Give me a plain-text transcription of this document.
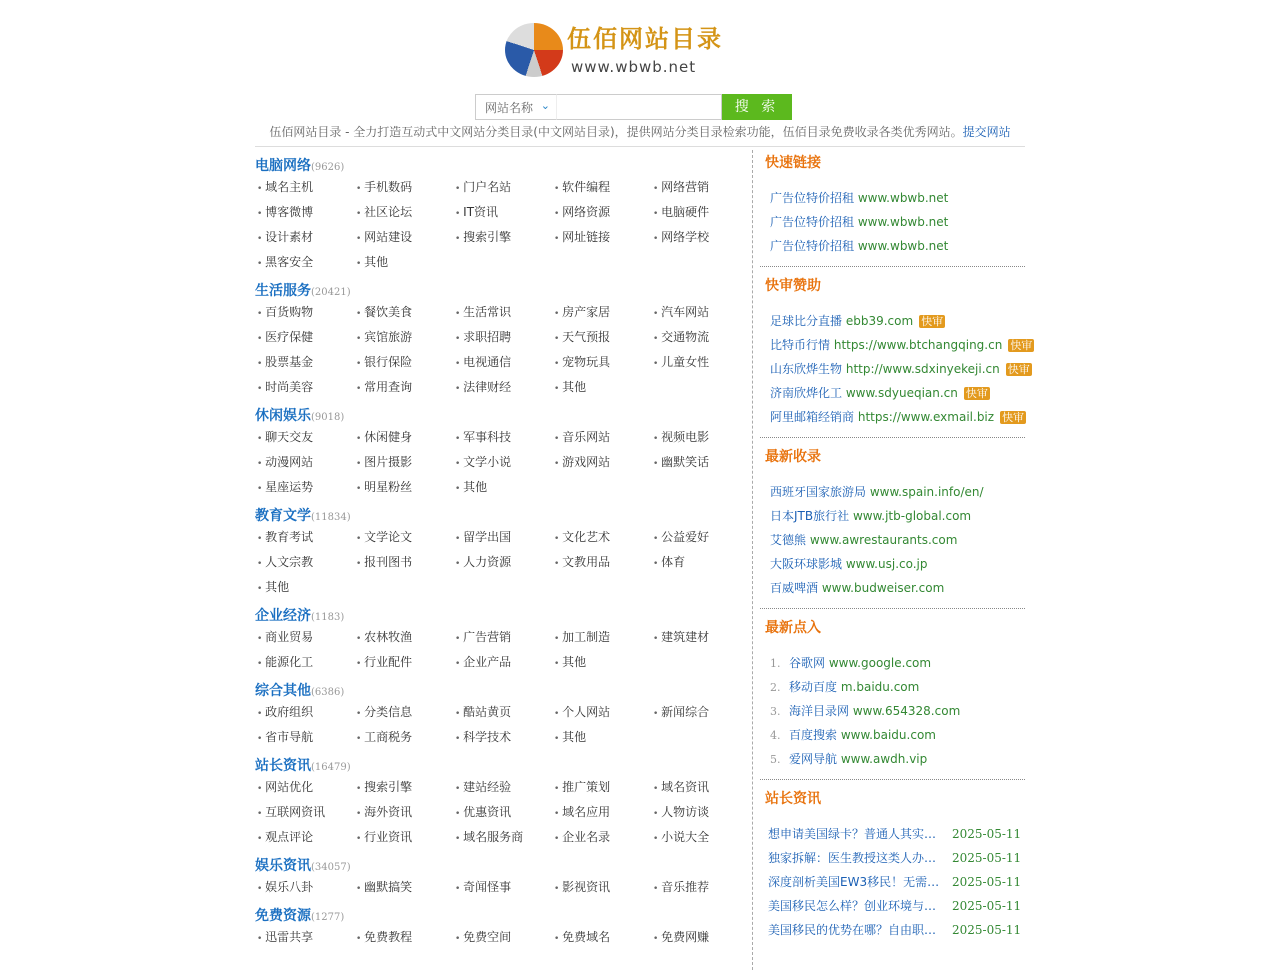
伍佰网站目录
www.wbwb.net
网站名称 ⌄	搜 索
伍佰网站目录 - 全力打造互动式中文网站分类目录(中文网站目录)，提供网站分类目录检索功能，伍佰目录免费收录各类优秀网站。提交网站
电脑网络(9626)
• 域名主机	• 手机数码	• 门户名站	• 软件编程	• 网络营销
• 博客微博	• 社区论坛	• IT资讯	• 网络资源	• 电脑硬件
• 设计素材	• 网站建设	• 搜索引擎	• 网址链接	• 网络学校
• 黑客安全	• 其他
生活服务(20421)
• 百货购物	• 餐饮美食	• 生活常识	• 房产家居	• 汽车网站
• 医疗保健	• 宾馆旅游	• 求职招聘	• 天气预报	• 交通物流
• 股票基金	• 银行保险	• 电视通信	• 宠物玩具	• 儿童女性
• 时尚美容	• 常用查询	• 法律财经	• 其他
休闲娱乐(9018)
• 聊天交友	• 休闲健身	• 军事科技	• 音乐网站	• 视频电影
• 动漫网站	• 图片摄影	• 文学小说	• 游戏网站	• 幽默笑话
• 星座运势	• 明星粉丝	• 其他
教育文学(11834)
• 教育考试	• 文学论文	• 留学出国	• 文化艺术	• 公益爱好
• 人文宗教	• 报刊图书	• 人力资源	• 文教用品	• 体育
• 其他
企业经济(1183)
• 商业贸易	• 农林牧渔	• 广告营销	• 加工制造	• 建筑建材
• 能源化工	• 行业配件	• 企业产品	• 其他
综合其他(6386)
• 政府组织	• 分类信息	• 酷站黄页	• 个人网站	• 新闻综合
• 省市导航	• 工商税务	• 科学技术	• 其他
站长资讯(16479)
• 网站优化	• 搜索引擎	• 建站经验	• 推广策划	• 域名资讯
• 互联网资讯	• 海外资讯	• 优惠资讯	• 域名应用	• 人物访谈
• 观点评论	• 行业资讯	• 域名服务商	• 企业名录	• 小说大全
娱乐资讯(34057)
• 娱乐八卦	• 幽默搞笑	• 奇闻怪事	• 影视资讯	• 音乐推荐
免费资源(1277)
• 迅雷共享	• 免费教程	• 免费空间	• 免费域名	• 免费网赚
快速链接
广告位特价招租 www.wbwb.net
广告位特价招租 www.wbwb.net
广告位特价招租 www.wbwb.net
快审赞助
足球比分直播 ebb39.com 快审
比特币行情 https://www.btchangqing.cn 快审
山东欣烨生物 http://www.sdxinyekeji.cn 快审
济南欣烨化工 www.sdyueqian.cn 快审
阿里邮箱经销商 https://www.exmail.biz 快审
最新收录
西班牙国家旅游局 www.spain.info/en/
日本JTB旅行社 www.jtb-global.com
艾德熊 www.awrestaurants.com
大阪环球影城 www.usj.co.jp
百威啤酒 www.budweiser.com
最新点入
1. 谷歌网 www.google.com
2. 移动百度 m.baidu.com
3. 海洋目录网 www.654328.com
4. 百度搜索 www.baidu.com
5. 爱网导航 www.awdh.vip
站长资讯
想申请美国绿卡？普通人其实…	2025-05-11
独家拆解：医生教授这类人办…	2025-05-11
深度剖析美国EW3移民！无需…	2025-05-11
美国移民怎么样？创业环境与…	2025-05-11
美国移民的优势在哪？自由职…	2025-05-11
